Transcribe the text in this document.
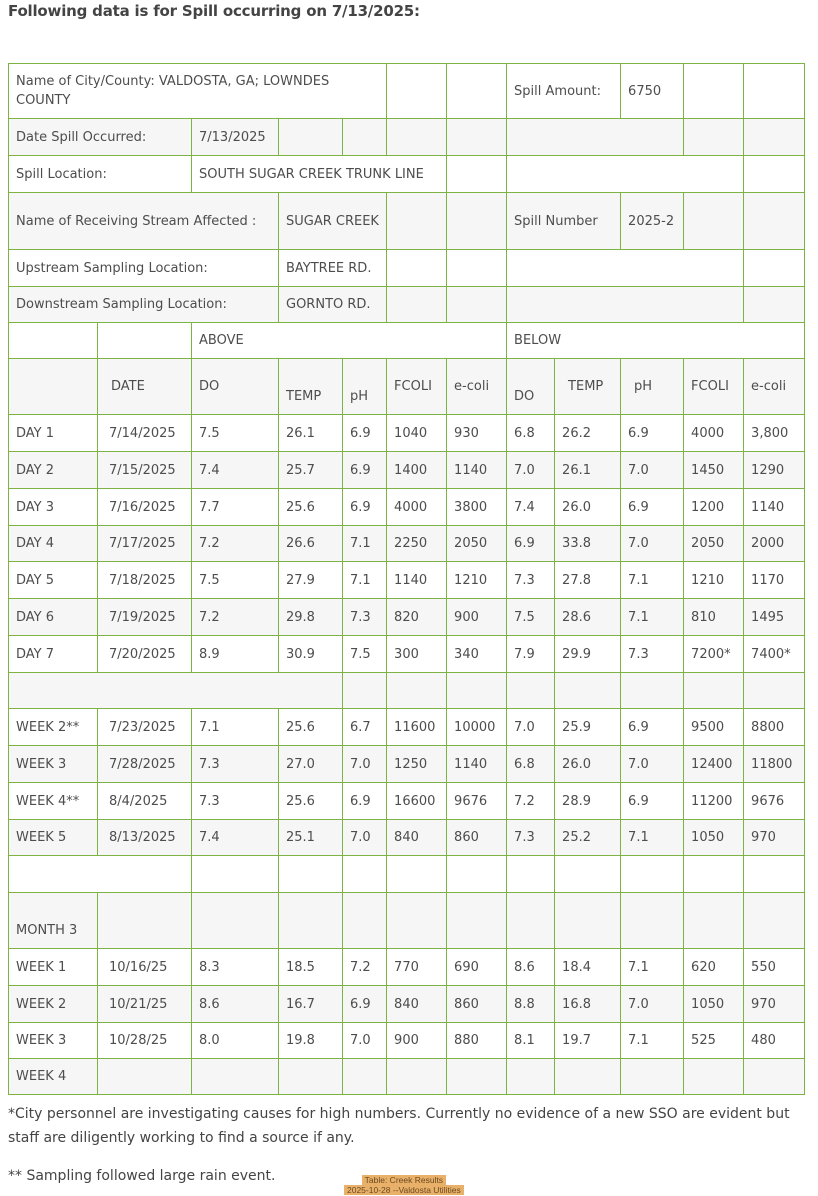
Following data is for Spill occurring on 7/13/2025:
Name of City/County: VALDOSTA, GA; LOWNDES COUNTY							Spill Amount:		6750		
Date Spill Occurred:		7/13/2025									
Spill Location:		SOUTH SUGAR CREEK TRUNK LINE									
Name of Receiving Stream Affected :			SUGAR CREEK				Spill Number		2025-2		
Upstream Sampling Location:			BAYTREE RD.								
Downstream Sampling Location:			GORNTO RD.								
		ABOVE					BELOW				
	DATE	DO	TEMP	pH	FCOLI	e-coli	DO	TEMP	pH	FCOLI	e-coli
DAY 1	7/14/2025	7.5	26.1	6.9	1040	930	6.8	26.2	6.9	4000	3,800
DAY 2	7/15/2025	7.4	25.7	6.9	1400	1140	7.0	26.1	7.0	1450	1290
DAY 3	7/16/2025	7.7	25.6	6.9	4000	3800	7.4	26.0	6.9	1200	1140
DAY 4	7/17/2025	7.2	26.6	7.1	2250	2050	6.9	33.8	7.0	2050	2000
DAY 5	7/18/2025	7.5	27.9	7.1	1140	1210	7.3	27.8	7.1	1210	1170
DAY 6	7/19/2025	7.2	29.8	7.3	820	900	7.5	28.6	7.1	810	1495
DAY 7	7/20/2025	8.9	30.9	7.5	300	340	7.9	29.9	7.3	7200*	7400*

WEEK 2**	7/23/2025	7.1	25.6	6.7	11600	10000	7.0	25.9	6.9	9500	8800
WEEK 3	7/28/2025	7.3	27.0	7.0	1250	1140	6.8	26.0	7.0	12400	11800
WEEK 4**	8/4/2025	7.3	25.6	6.9	16600	9676	7.2	28.9	6.9	11200	9676
WEEK 5	8/13/2025	7.4	25.1	7.0	840	860	7.3	25.2	7.1	1050	970

MONTH 3											
WEEK 1	10/16/25	8.3	18.5	7.2	770	690	8.6	18.4	7.1	620	550
WEEK 2	10/21/25	8.6	16.7	6.9	840	860	8.8	16.8	7.0	1050	970
WEEK 3	10/28/25	8.0	19.8	7.0	900	880	8.1	19.7	7.1	525	480
WEEK 4											

*City personnel are investigating causes for high numbers. Currently no evidence of a new SSO are evident but staff are diligently working to find a source if any.

** Sampling followed large rain event.	Table: Creek Results
2025-10-28 --Valdosta Utilities
